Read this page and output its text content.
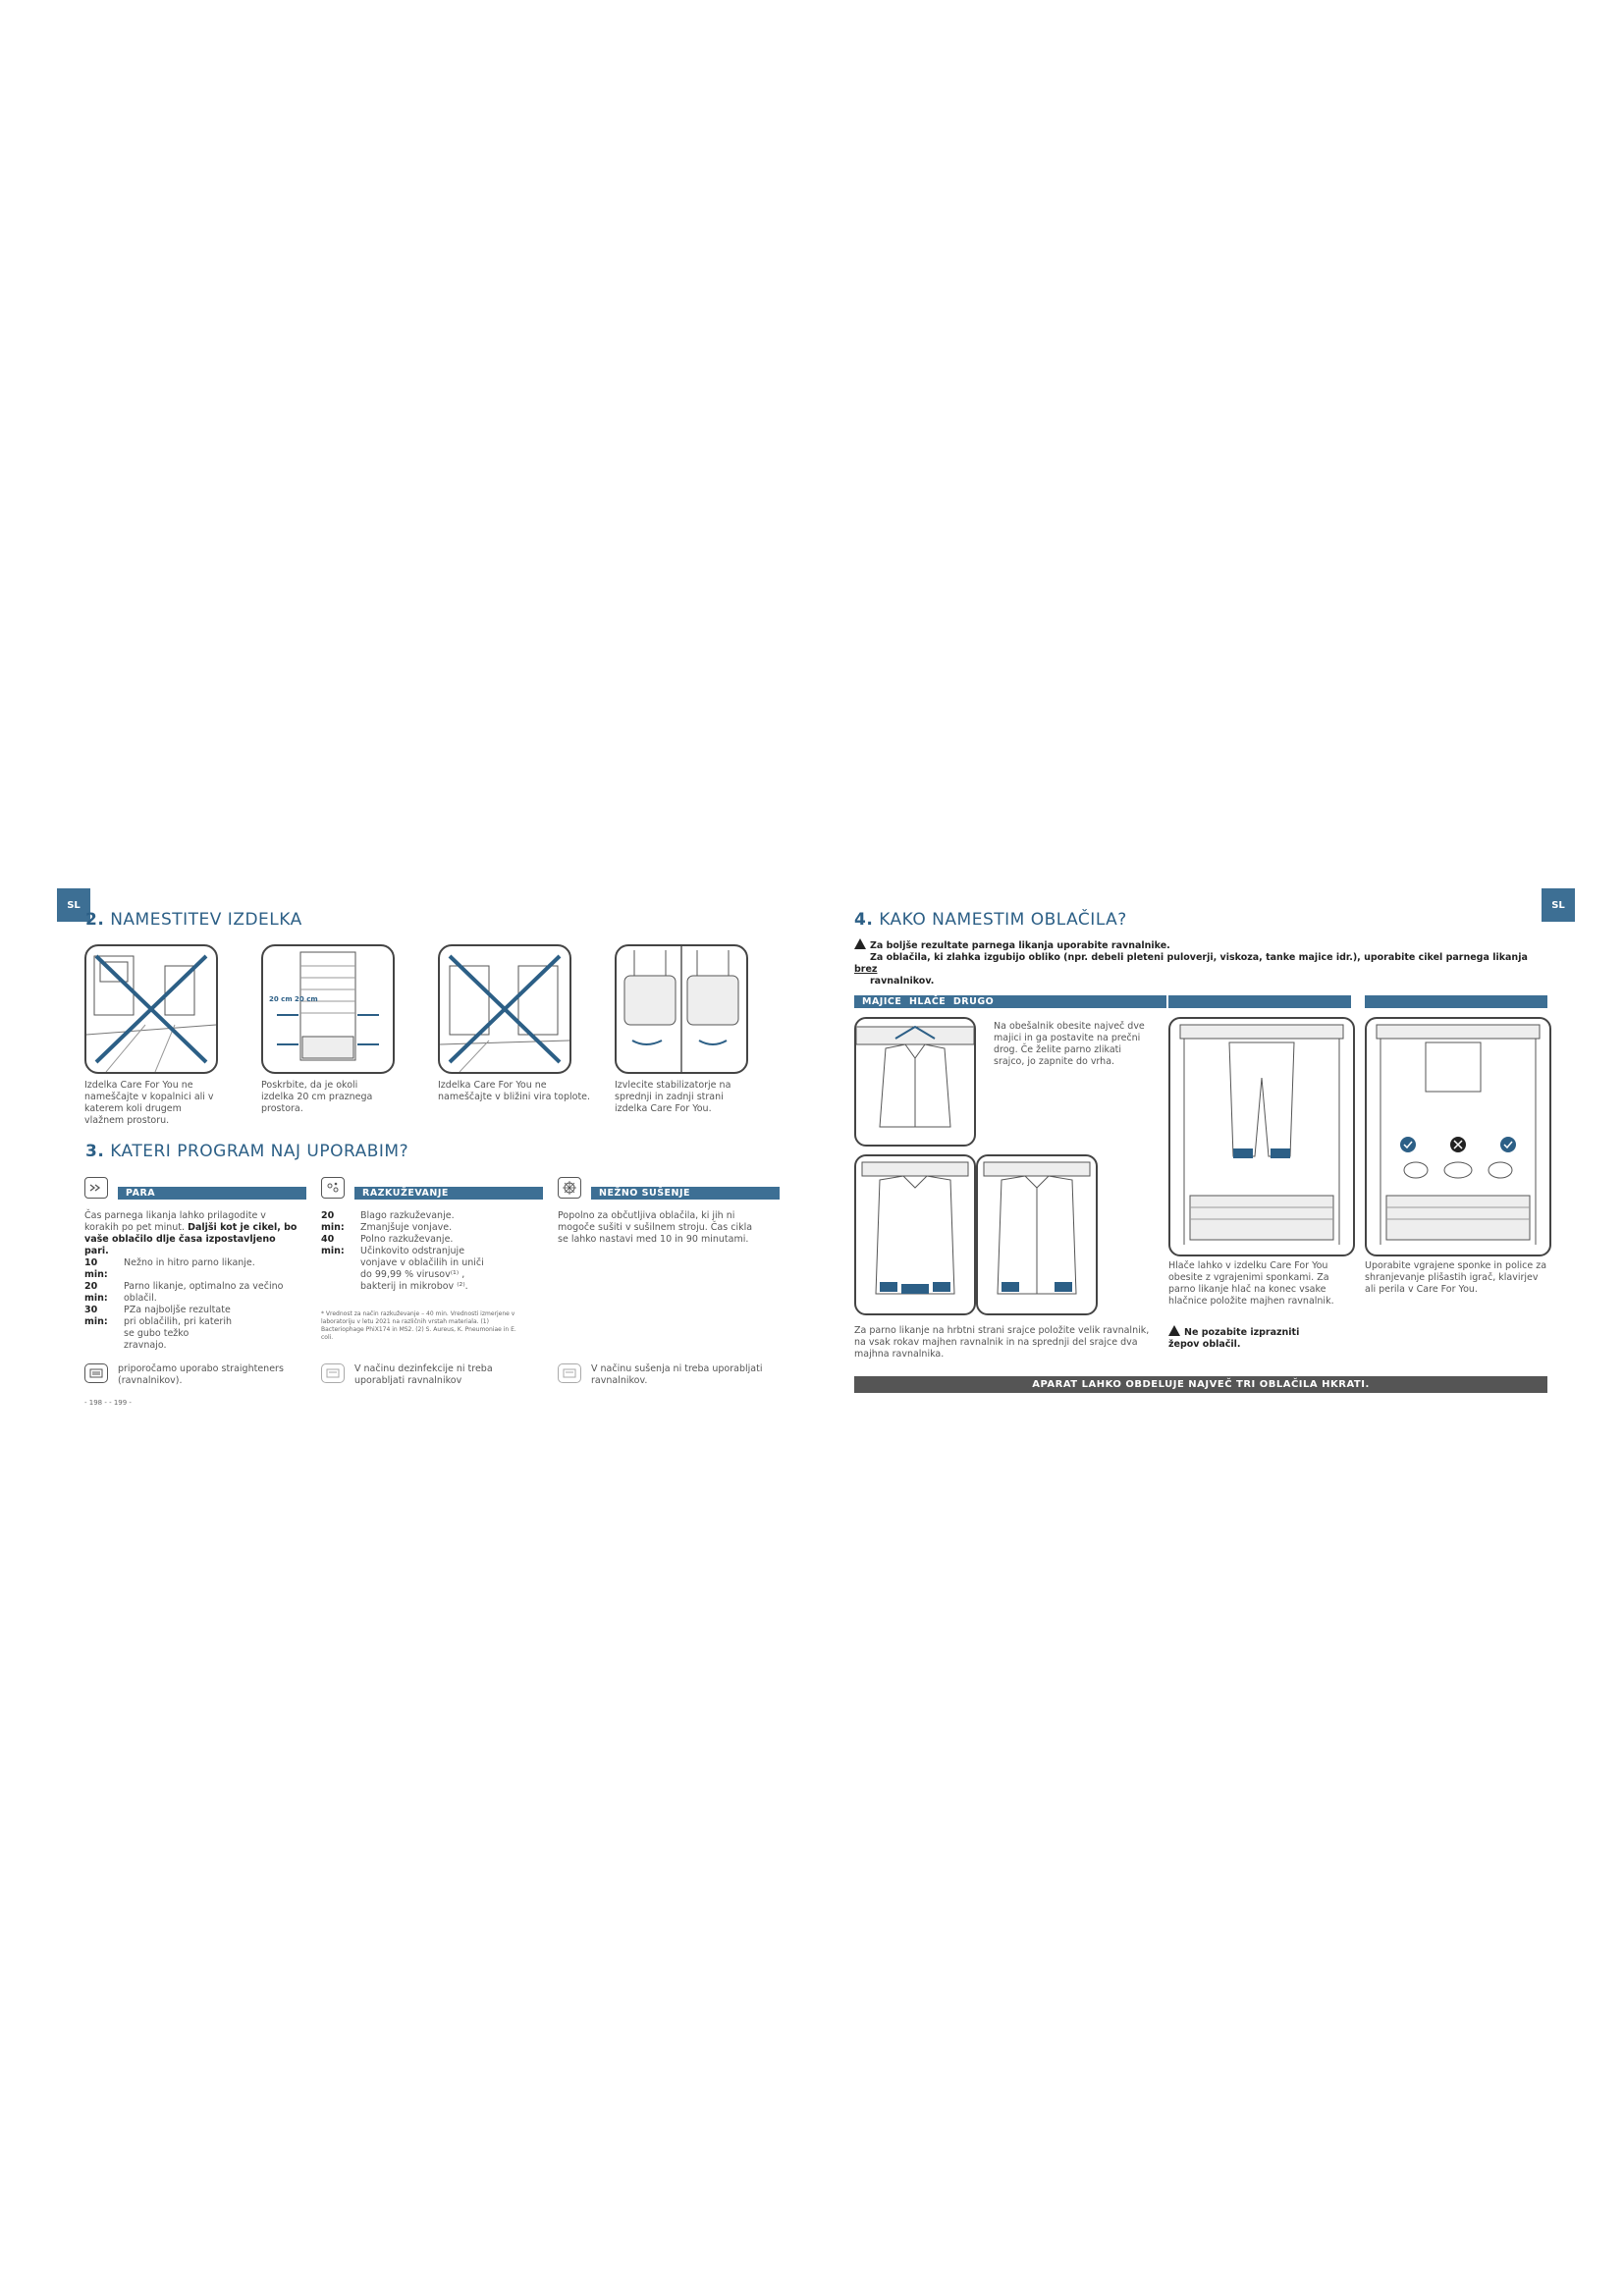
SL
2. NAMESTITEV IZDELKA
20 cm 20 cm
Izdelka Care For You ne nameščajte v kopalnici ali v katerem koli drugem vlažnem prostoru.
Poskrbite, da je okoli izdelka 20 cm praznega prostora.
Izdelka Care For You ne nameščajte v bližini vira toplote.
Izvlecite stabilizatorje na sprednji in zadnji strani izdelka Care For You.
3. KATERI PROGRAM NAJ UPORABIM?
PARA	RAZKUŽEVANJE	NEŽNO SUŠENJE
Čas parnega likanja lahko prilagodite v korakih po pet minut. Daljši kot je cikel, bo vaše oblačilo dlje časa izpostavljeno pari.
10 min:
Nežno in hitro parno likanje.
20 min:
Parno likanje, optimalno za večino oblačil.
30 min:
PZa najboljše rezultate pri oblačilih, pri katerih se gubo težko zravnajo.
20 min:
Blago razkuževanje. Zmanjšuje vonjave.
40 min:
Polno razkuževanje. Učinkovito odstranjuje vonjave v oblačilih in uniči do 99,99 % virusov⁽¹⁾ , bakterij in mikrobov ⁽²⁾.
* Vrednost za način razkuževanje – 40 min. Vrednosti izmerjene v laboratoriju v letu 2021 na različnih vrstah materiala. (1) Bacteriophage PhiX174 in MS2. (2) S. Aureus, K. Pneumoniae in E. coli.
Popolno za občutljiva oblačila, ki jih ni mogoče sušiti v sušilnem stroju. Čas cikla se lahko nastavi med 10 in 90 minutami.
priporočamo uporabo straighteners (ravnalnikov).
V načinu dezinfekcije ni treba uporabljati ravnalnikov
V načinu sušenja ni treba uporabljati ravnalnikov.
- 198 - - 199 -
SL
4. KAKO NAMESTIM OBLAČILA?
Za boljše rezultate parnega likanja uporabite ravnalnike.
Za oblačila, ki zlahka izgubijo obliko (npr. debeli pleteni puloverji, viskoza, tanke majice idr.), uporabite cikel parnega likanja brez
ravnalnikov.
MAJICE HLAČE DRUGO
Na obešalnik obesite največ dve majici in ga postavite na prečni drog. Če želite parno zlikati srajco, jo zapnite do vrha.
Za parno likanje na hrbtni strani srajce položite velik ravnalnik, na vsak rokav majhen ravnalnik in na sprednji del srajce dva majhna ravnalnika.
Hlače lahko v izdelku Care For You obesite z vgrajenimi sponkami. Za parno likanje hlač na konec vsake hlačnice položite majhen ravnalnik.
Ne pozabite izprazniti žepov oblačil.
Uporabite vgrajene sponke in police za shranjevanje plišastih igrač, klavirjev ali perila v Care For You.
APARAT LAHKO OBDELUJE NAJVEČ TRI OBLAČILA HKRATI.
